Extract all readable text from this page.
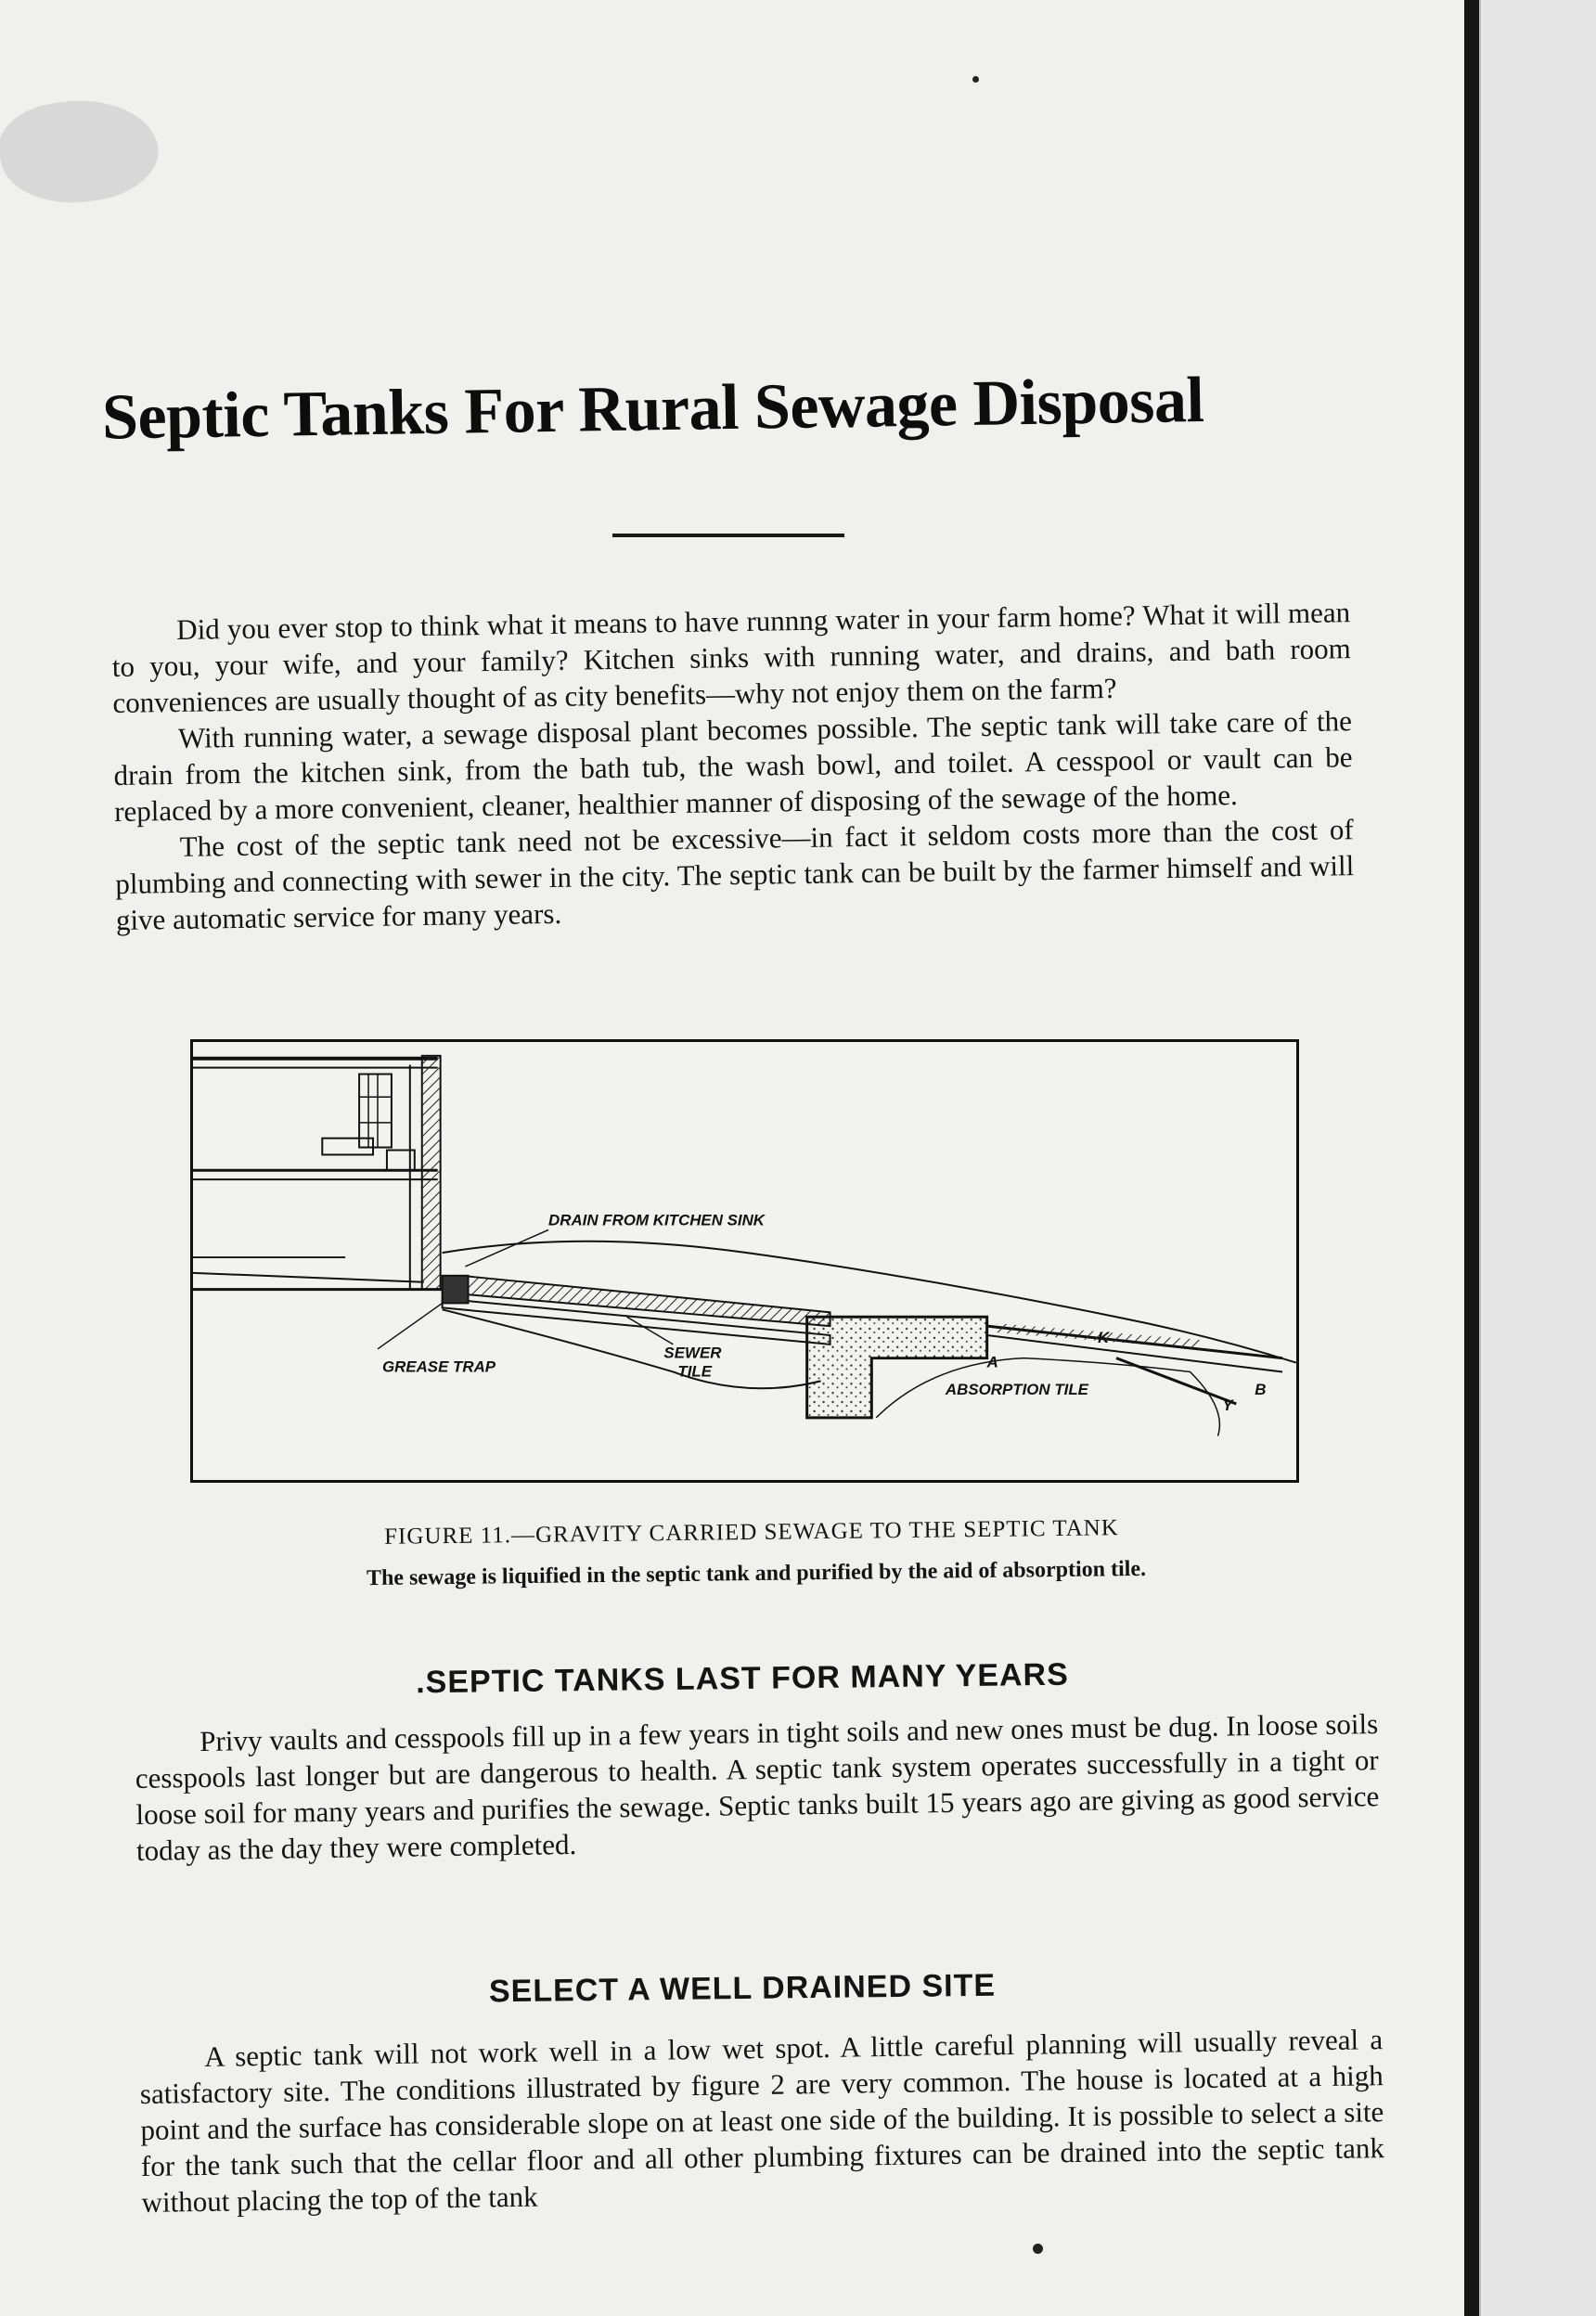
Septic Tanks For Rural Sewage Disposal

Did you ever stop to think what it means to have runnng water in your farm home? What it will mean to you, your wife, and your family? Kitchen sinks with running water, and drains, and bath room conveniences are usually thought of as city benefits—why not enjoy them on the farm?

With running water, a sewage disposal plant becomes possible. The septic tank will take care of the drain from the kitchen sink, from the bath tub, the wash bowl, and toilet. A cesspool or vault can be replaced by a more convenient, cleaner, healthier manner of disposing of the sewage of the home.

The cost of the septic tank need not be excessive—in fact it seldom costs more than the cost of plumbing and connecting with sewer in the city. The septic tank can be built by the farmer himself and will give automatic service for many years.

DRAIN FROM KITCHEN SINK
GREASE TRAP
SEWER
TILE
ABSORPTION TILE
K
A
B
Y

FIGURE 11.—GRAVITY CARRIED SEWAGE TO THE SEPTIC TANK

The sewage is liquified in the septic tank and purified by the aid of absorption tile.

.SEPTIC TANKS LAST FOR MANY YEARS

Privy vaults and cesspools fill up in a few years in tight soils and new ones must be dug. In loose soils cesspools last longer but are dangerous to health. A septic tank system operates successfully in a tight or loose soil for many years and purifies the sewage. Septic tanks built 15 years ago are giving as good service today as the day they were completed.

SELECT A WELL DRAINED SITE

A septic tank will not work well in a low wet spot. A little careful planning will usually reveal a satisfactory site. The conditions illustrated by figure 2 are very common. The house is located at a high point and the surface has considerable slope on at least one side of the building. It is possible to select a site for the tank such that the cellar floor and all other plumbing fixtures can be drained into the septic tank without placing the top of the tank
